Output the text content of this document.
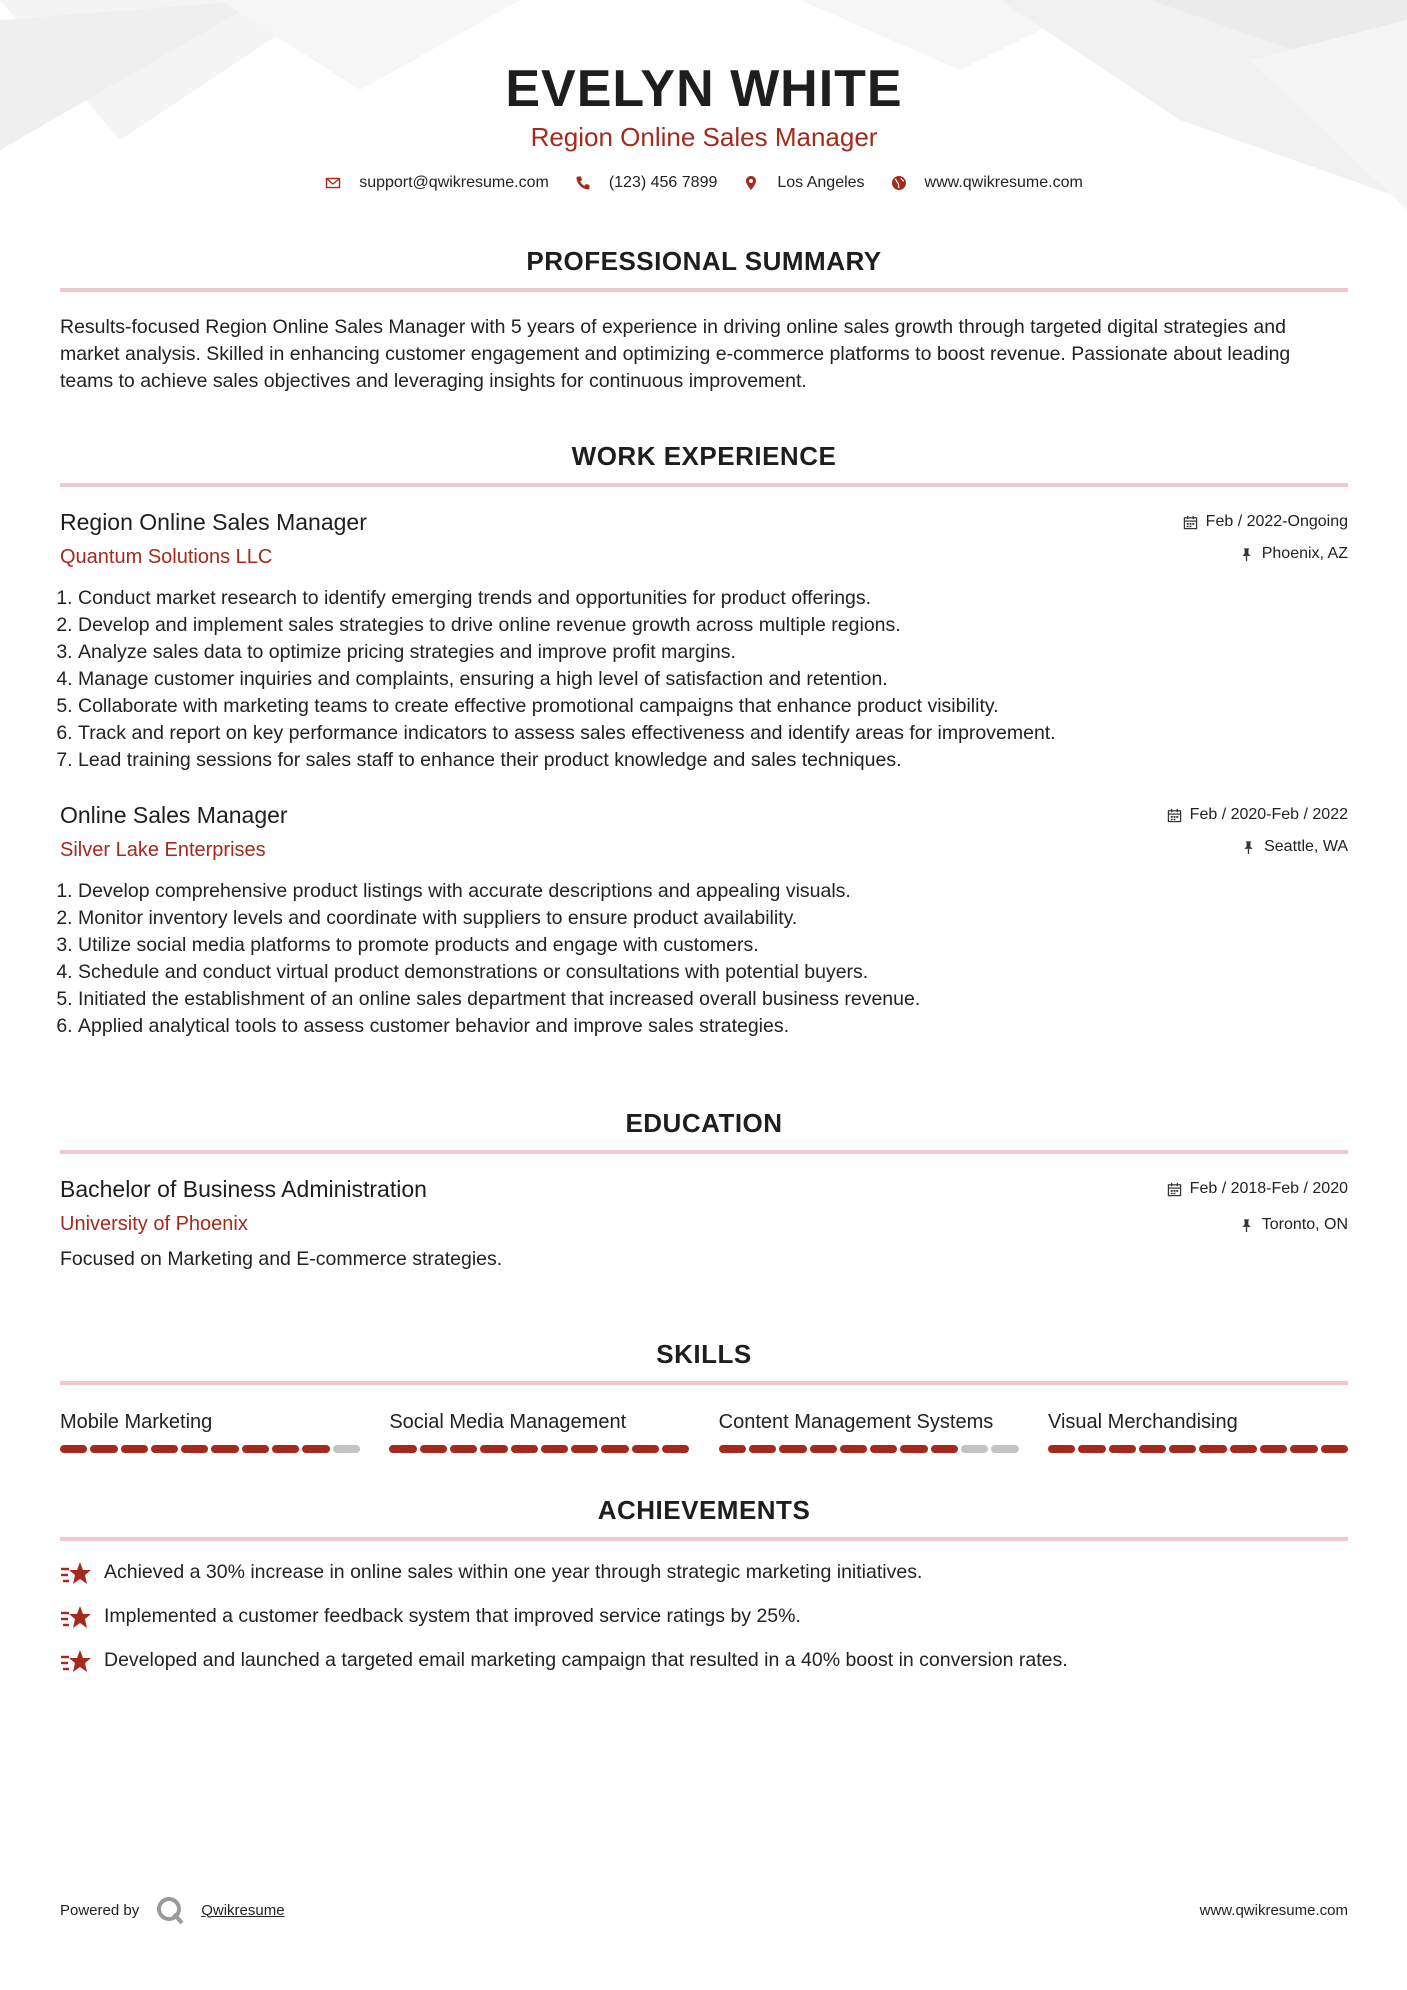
EVELYN WHITE
Region Online Sales Manager
support@qwikresume.com	(123) 456 7899	Los Angeles	www.qwikresume.com
PROFESSIONAL SUMMARY
Results-focused Region Online Sales Manager with 5 years of experience in driving online sales growth through targeted digital strategies and market analysis. Skilled in enhancing customer engagement and optimizing e-commerce platforms to boost revenue. Passionate about leading teams to achieve sales objectives and leveraging insights for continuous improvement.
WORK EXPERIENCE
Region Online Sales Manager
Quantum Solutions LLC
Feb / 2022-Ongoing
Phoenix, AZ
1. Conduct market research to identify emerging trends and opportunities for product offerings.
2. Develop and implement sales strategies to drive online revenue growth across multiple regions.
3. Analyze sales data to optimize pricing strategies and improve profit margins.
4. Manage customer inquiries and complaints, ensuring a high level of satisfaction and retention.
5. Collaborate with marketing teams to create effective promotional campaigns that enhance product visibility.
6. Track and report on key performance indicators to assess sales effectiveness and identify areas for improvement.
7. Lead training sessions for sales staff to enhance their product knowledge and sales techniques.
Online Sales Manager
Silver Lake Enterprises
Feb / 2020-Feb / 2022
Seattle, WA
1. Develop comprehensive product listings with accurate descriptions and appealing visuals.
2. Monitor inventory levels and coordinate with suppliers to ensure product availability.
3. Utilize social media platforms to promote products and engage with customers.
4. Schedule and conduct virtual product demonstrations or consultations with potential buyers.
5. Initiated the establishment of an online sales department that increased overall business revenue.
6. Applied analytical tools to assess customer behavior and improve sales strategies.
EDUCATION
Bachelor of Business Administration
University of Phoenix
Feb / 2018-Feb / 2020
Toronto, ON
Focused on Marketing and E-commerce strategies.
SKILLS
Mobile Marketing	Social Media Management	Content Management Systems	Visual Merchandising
ACHIEVEMENTS
Achieved a 30% increase in online sales within one year through strategic marketing initiatives.
Implemented a customer feedback system that improved service ratings by 25%.
Developed and launched a targeted email marketing campaign that resulted in a 40% boost in conversion rates.
Powered by	Qwikresume	www.qwikresume.com
